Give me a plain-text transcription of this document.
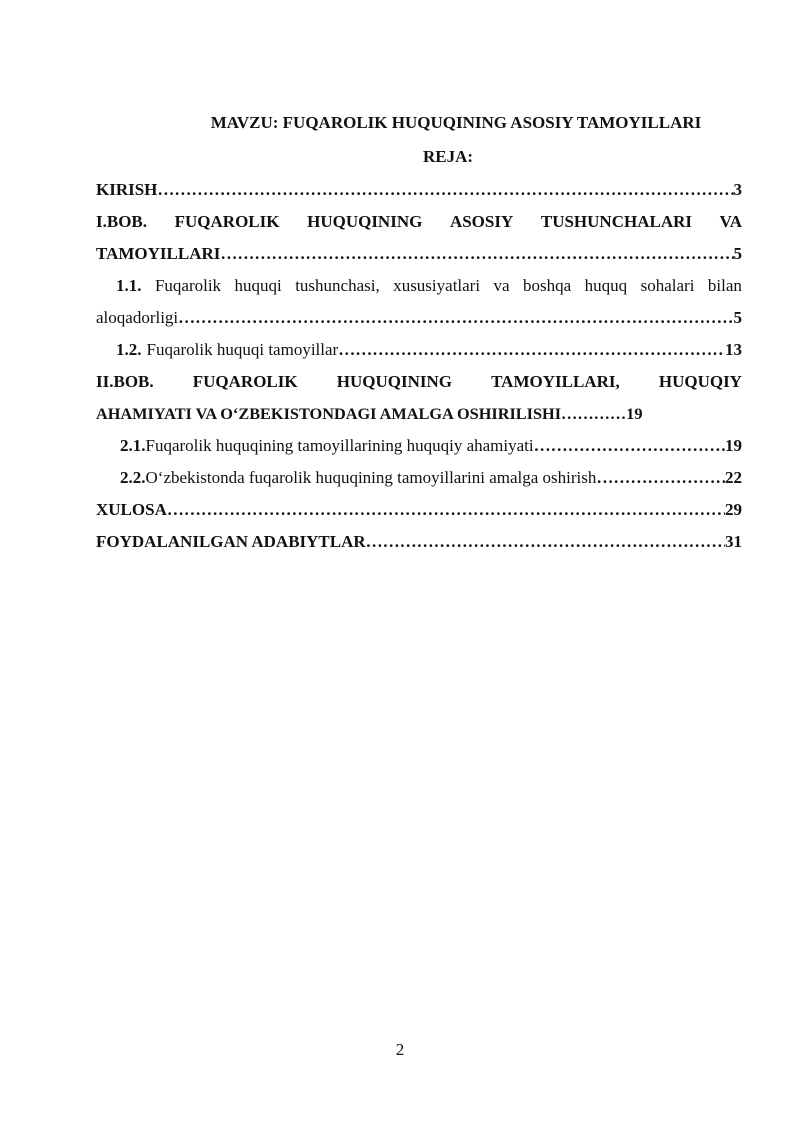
MAVZU: FUQAROLIK HUQUQINING ASOSIY TAMOYILLARI
REJA:
KIRISH ………………………………………………………………………………………………………………………………	3
I.BOB. FUQAROLIK HUQUQINING ASOSIY TUSHUNCHALARI VA
TAMOYILLARI ………………………………………………………………………………………………………………………………	5
1.1. Fuqarolik huquqi tushunchasi, xususiyatlari va boshqa huquq sohalari bilan
aloqadorligi ………………………………………………………………………………………………………………………………	5
1.2. Fuqarolik huquqi tamoyillar ………………………………………………………………………………………………………………………………	13
II.BOB. FUQAROLIK HUQUQINING TAMOYILLARI, HUQUQIY
AHAMIYATI VA O‘ZBEKISTONDAGI AMALGA OSHIRILISHI ………… 19
2.1. Fuqarolik huquqining tamoyillarining huquqiy ahamiyati ………………………………………………………………………………………………………………………………	19
2.2. O‘zbekistonda fuqarolik huquqining tamoyillarini amalga oshirish ………………………………………………………………………………………………………………………………	22
XULOSA ………………………………………………………………………………………………………………………………	29
FOYDALANILGAN ADABIYTLAR ………………………………………………………………………………………………………………………………	31
2
